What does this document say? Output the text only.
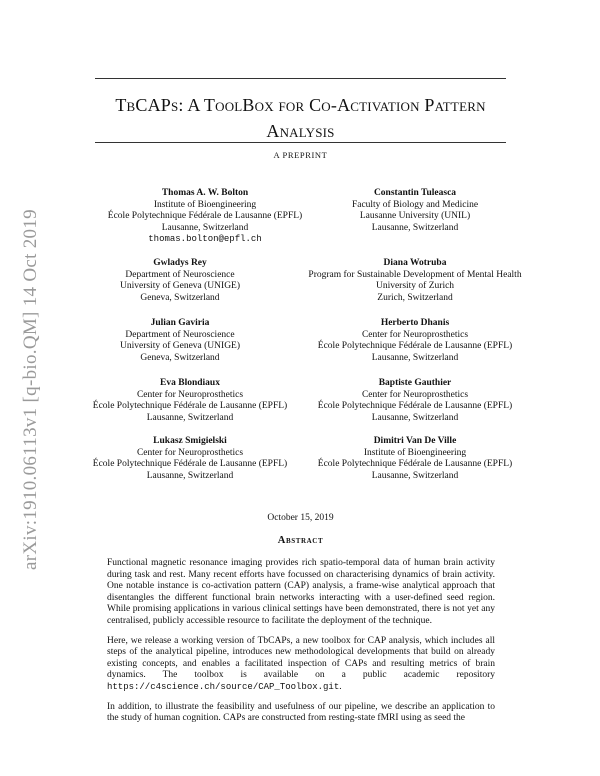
arXiv:1910.06113v1 [q-bio.QM] 14 Oct 2019
TbCAPs: A ToolBox for Co-Activation Pattern
Analysis
A PREPRINT
Thomas A. W. Bolton
Institute of Bioengineering
École Polytechnique Fédérale de Lausanne (EPFL)
Lausanne, Switzerland
thomas.bolton@epfl.ch
Constantin Tuleasca
Faculty of Biology and Medicine
Lausanne University (UNIL)
Lausanne, Switzerland
Gwladys Rey
Department of Neuroscience
University of Geneva (UNIGE)
Geneva, Switzerland
Diana Wotruba
Program for Sustainable Development of Mental Health
University of Zurich
Zurich, Switzerland
Julian Gaviria
Department of Neuroscience
University of Geneva (UNIGE)
Geneva, Switzerland
Herberto Dhanis
Center for Neuroprosthetics
École Polytechnique Fédérale de Lausanne (EPFL)
Lausanne, Switzerland
Eva Blondiaux
Center for Neuroprosthetics
École Polytechnique Fédérale de Lausanne (EPFL)
Lausanne, Switzerland
Baptiste Gauthier
Center for Neuroprosthetics
École Polytechnique Fédérale de Lausanne (EPFL)
Lausanne, Switzerland
Lukasz Smigielski
Center for Neuroprosthetics
École Polytechnique Fédérale de Lausanne (EPFL)
Lausanne, Switzerland
Dimitri Van De Ville
Institute of Bioengineering
École Polytechnique Fédérale de Lausanne (EPFL)
Lausanne, Switzerland
October 15, 2019
Abstract

Functional magnetic resonance imaging provides rich spatio-temporal data of human brain activity during task and rest. Many recent efforts have focussed on characterising dynamics of brain activity. One notable instance is co-activation pattern (CAP) analysis, a frame-wise analytical approach that disentangles the different functional brain networks interacting with a user-defined seed region. While promising applications in various clinical settings have been demonstrated, there is not yet any centralised, publicly accessible resource to facilitate the deployment of the technique.

Here, we release a working version of TbCAPs, a new toolbox for CAP analysis, which includes all steps of the analytical pipeline, introduces new methodological developments that build on already existing concepts, and enables a facilitated inspection of CAPs and resulting metrics of brain dynamics. The toolbox is available on a public academic repository https://c4science.ch/source/CAP_Toolbox.git.

In addition, to illustrate the feasibility and usefulness of our pipeline, we describe an application to the study of human cognition. CAPs are constructed from resting-state fMRI using as seed the
